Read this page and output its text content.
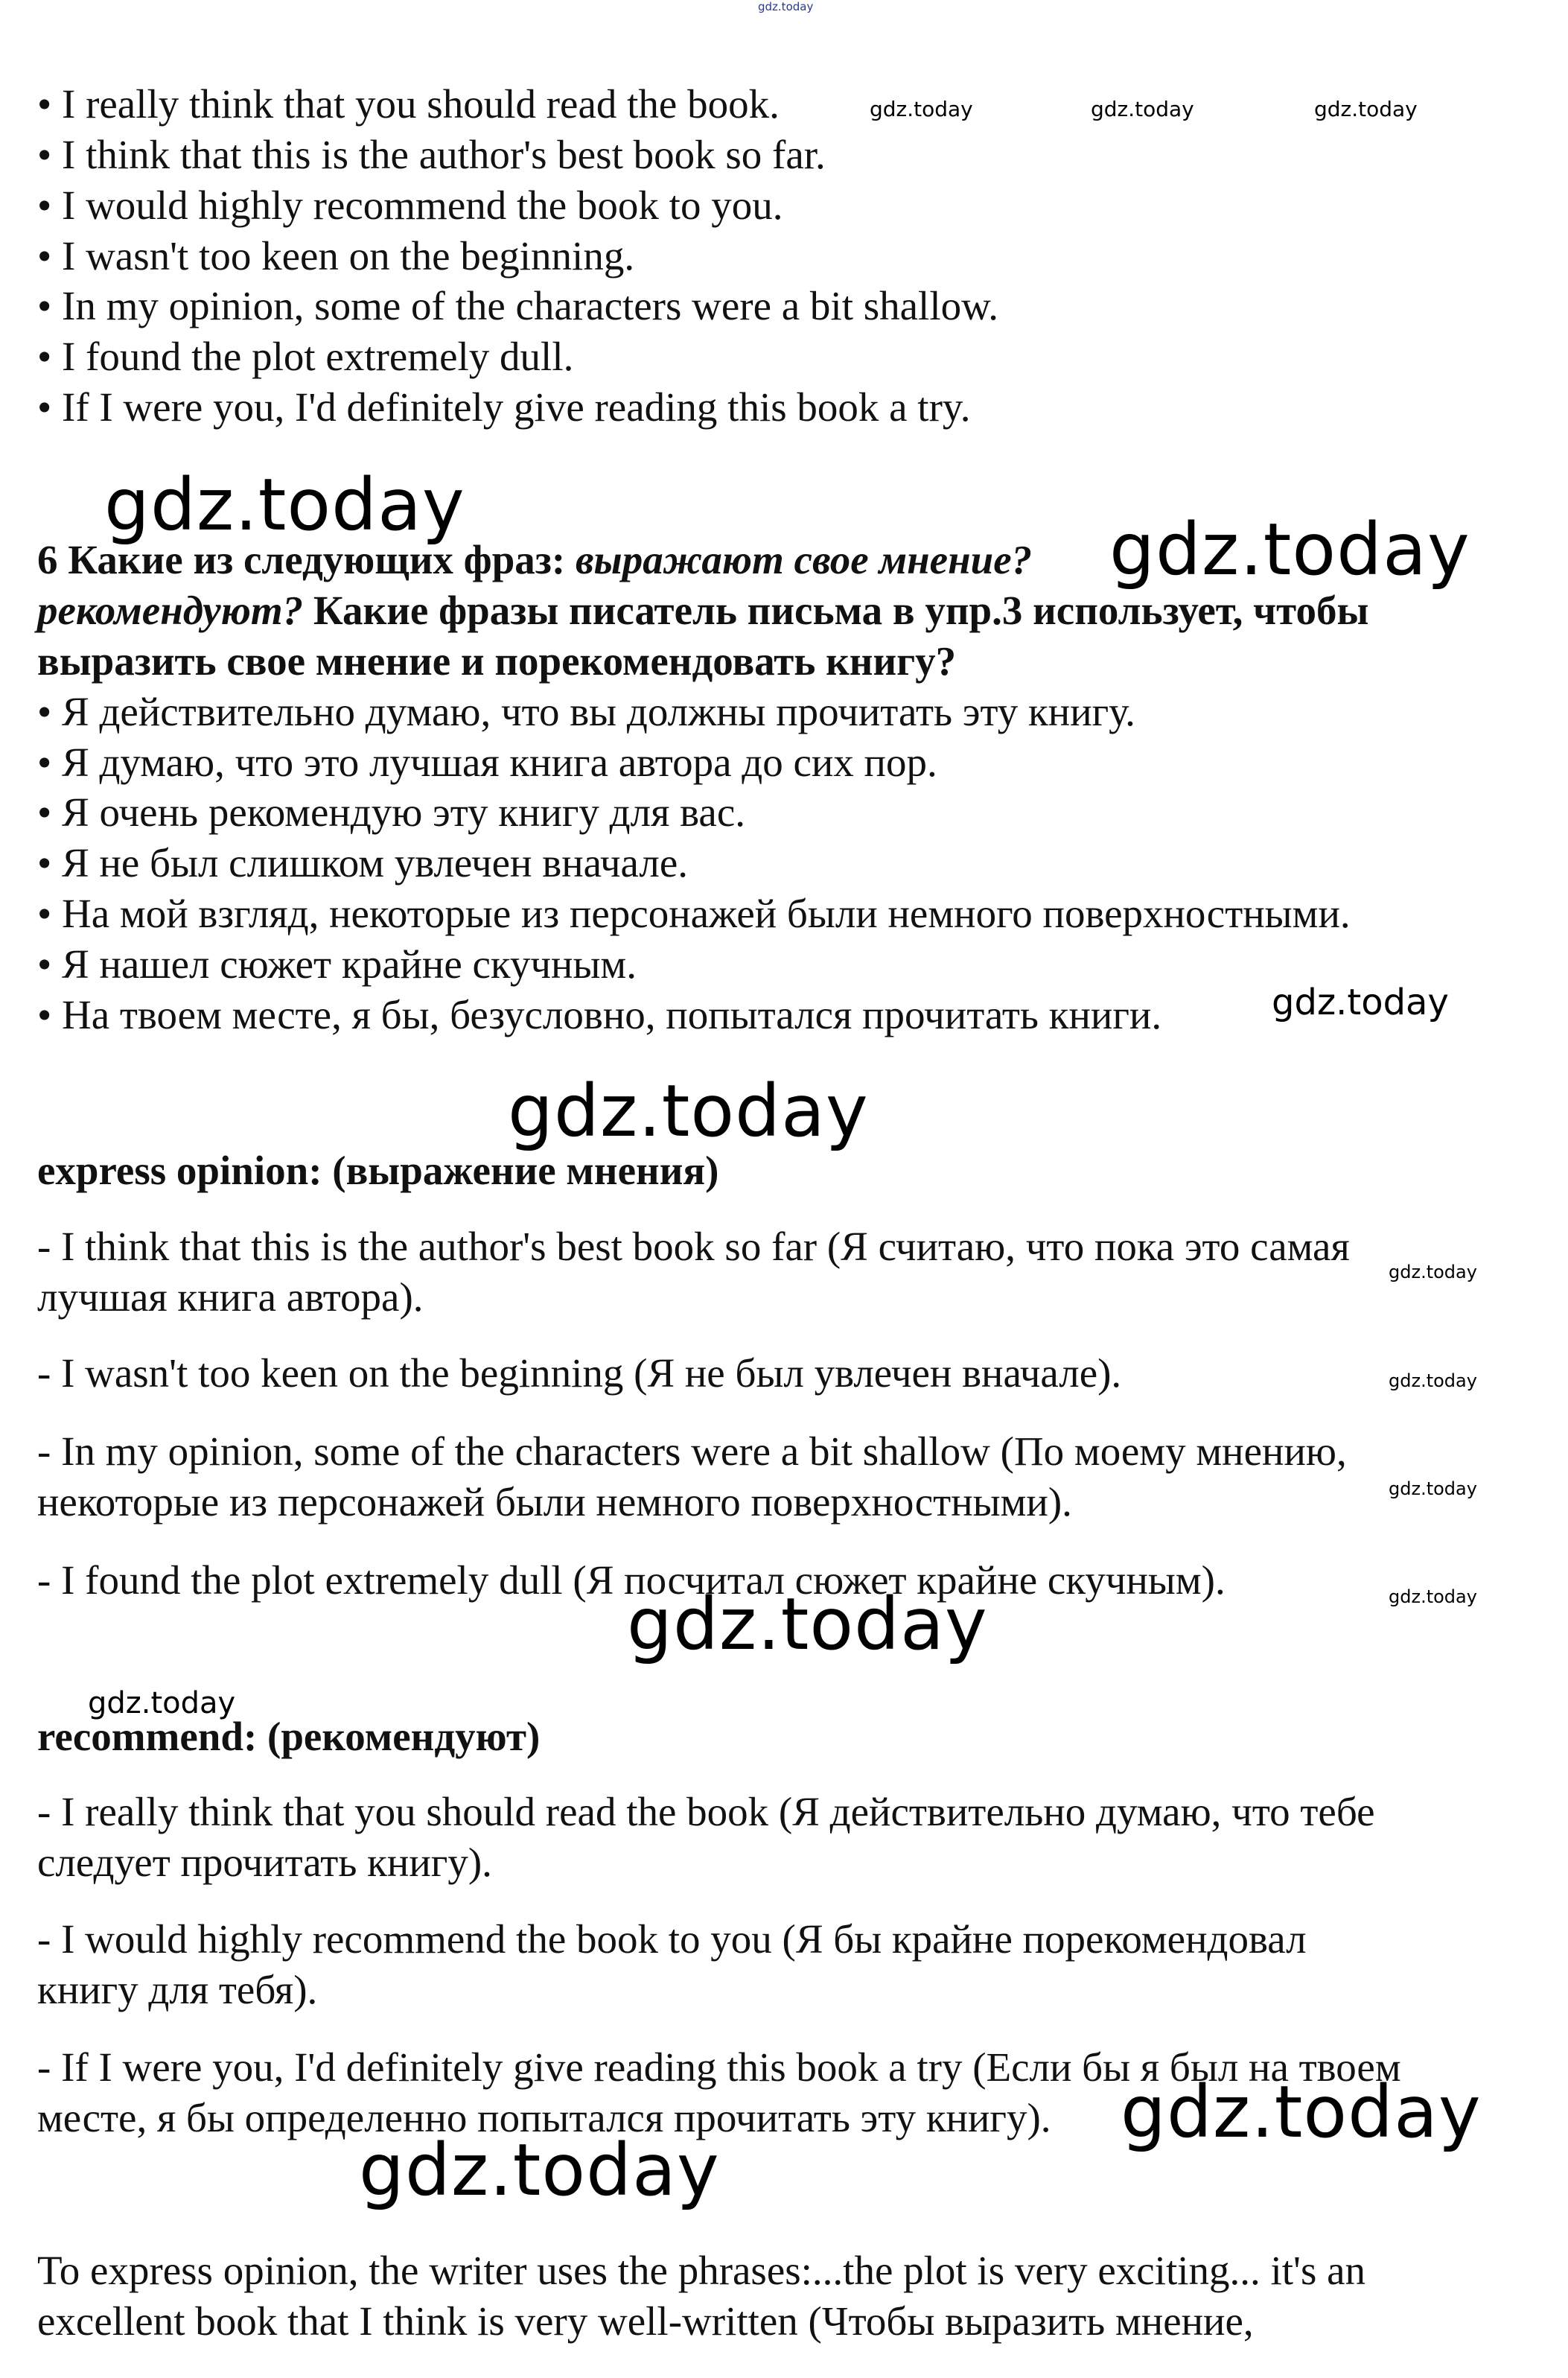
• I really think that you should read the book.
• I think that this is the author's best book so far.
• I would highly recommend the book to you.
• I wasn't too keen on the beginning.
• In my opinion, some of the characters were a bit shallow.
• I found the plot extremely dull.
• If I were you, I'd definitely give reading this book a try.
6 Какие из следующих фраз: выражают свое мнение?
рекомендуют? Какие фразы писатель письма в упр.3 использует, чтобы
выразить свое мнение и порекомендовать книгу?
• Я действительно думаю, что вы должны прочитать эту книгу.
• Я думаю, что это лучшая книга автора до сих пор.
• Я очень рекомендую эту книгу для вас.
• Я не был слишком увлечен вначале.
• На мой взгляд, некоторые из персонажей были немного поверхностными.
• Я нашел сюжет крайне скучным.
• На твоем месте, я бы, безусловно, попытался прочитать книги.
express opinion: (выражение мнения)
- I think that this is the author's best book so far (Я считаю, что пока это самая
лучшая книга автора).
- I wasn't too keen on the beginning (Я не был увлечен вначале).
- In my opinion, some of the characters were a bit shallow (По моему мнению,
некоторые из персонажей были немного поверхностными).
- I found the plot extremely dull (Я посчитал сюжет крайне скучным).
recommend: (рекомендуют)
- I really think that you should read the book (Я действительно думаю, что тебе
следует прочитать книгу).
- I would highly recommend the book to you (Я бы крайне порекомендовал
книгу для тебя).
- If I were you, I'd definitely give reading this book a try (Если бы я был на твоем
месте, я бы определенно попытался прочитать эту книгу).
To express opinion, the writer uses the phrases:...the plot is very exciting... it's an
excellent book that I think is very well-written (Чтобы выразить мнение,
gdz.today
gdz.today	gdz.today	gdz.today
gdz.today
gdz.today
gdz.today
gdz.today
gdz.today
gdz.today
gdz.today
gdz.today
gdz.today
gdz.today
gdz.today
gdz.today
